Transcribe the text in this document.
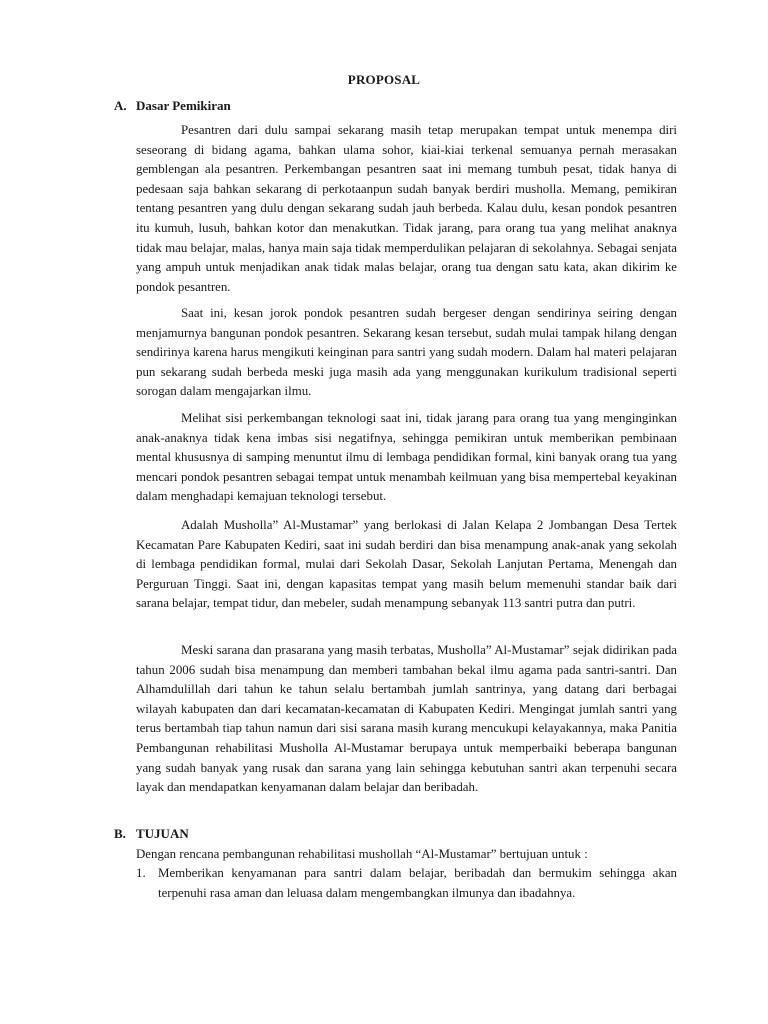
PROPOSAL
A. Dasar Pemikiran

Pesantren dari dulu sampai sekarang masih tetap merupakan tempat untuk menempa diri seseorang di bidang agama, bahkan ulama sohor, kiai-kiai terkenal semuanya pernah merasakan gemblengan ala pesantren. Perkembangan pesantren saat ini memang tumbuh pesat, tidak hanya di pedesaan saja bahkan sekarang di perkotaanpun sudah banyak berdiri musholla. Memang, pemikiran tentang pesantren yang dulu dengan sekarang sudah jauh berbeda. Kalau dulu, kesan pondok pesantren itu kumuh, lusuh, bahkan kotor dan menakutkan. Tidak jarang, para orang tua yang melihat anaknya tidak mau belajar, malas, hanya main saja tidak memperdulikan pelajaran di sekolahnya. Sebagai senjata yang ampuh untuk menjadikan anak tidak malas belajar, orang tua dengan satu kata, akan dikirim ke pondok pesantren.

Saat ini, kesan jorok pondok pesantren sudah bergeser dengan sendirinya seiring dengan menjamurnya bangunan pondok pesantren. Sekarang kesan tersebut, sudah mulai tampak hilang dengan sendirinya karena harus mengikuti keinginan para santri yang sudah modern. Dalam hal materi pelajaran pun sekarang sudah berbeda meski juga masih ada yang menggunakan kurikulum tradisional seperti sorogan dalam mengajarkan ilmu.

Melihat sisi perkembangan teknologi saat ini, tidak jarang para orang tua yang menginginkan anak-anaknya tidak kena imbas sisi negatifnya, sehingga pemikiran untuk memberikan pembinaan mental khususnya di samping menuntut ilmu di lembaga pendidikan formal, kini banyak orang tua yang mencari pondok pesantren sebagai tempat untuk menambah keilmuan yang bisa mempertebal keyakinan dalam menghadapi kemajuan teknologi tersebut.

Adalah Musholla” Al-Mustamar” yang berlokasi di Jalan Kelapa 2 Jombangan Desa Tertek Kecamatan Pare Kabupaten Kediri, saat ini sudah berdiri dan bisa menampung anak-anak yang sekolah di lembaga pendidikan formal, mulai dari Sekolah Dasar, Sekolah Lanjutan Pertama, Menengah dan Perguruan Tinggi. Saat ini, dengan kapasitas tempat yang masih belum memenuhi standar baik dari sarana belajar, tempat tidur, dan mebeler, sudah menampung sebanyak 113 santri putra dan putri.

Meski sarana dan prasarana yang masih terbatas, Musholla” Al-Mustamar” sejak didirikan pada tahun 2006 sudah bisa menampung dan memberi tambahan bekal ilmu agama pada santri-santri. Dan Alhamdulillah dari tahun ke tahun selalu bertambah jumlah santrinya, yang datang dari berbagai wilayah kabupaten dan dari kecamatan-kecamatan di Kabupaten Kediri. Mengingat jumlah santri yang terus bertambah tiap tahun namun dari sisi sarana masih kurang mencukupi kelayakannya, maka Panitia Pembangunan rehabilitasi Musholla Al-Mustamar berupaya untuk memperbaiki beberapa bangunan yang sudah banyak yang rusak dan sarana yang lain sehingga kebutuhan santri akan terpenuhi secara layak dan mendapatkan kenyamanan dalam belajar dan beribadah.

B. TUJUAN
Dengan rencana pembangunan rehabilitasi mushollah “Al-Mustamar” bertujuan untuk :
1. Memberikan kenyamanan para santri dalam belajar, beribadah dan bermukim sehingga akan terpenuhi rasa aman dan leluasa dalam mengembangkan ilmunya dan ibadahnya.
